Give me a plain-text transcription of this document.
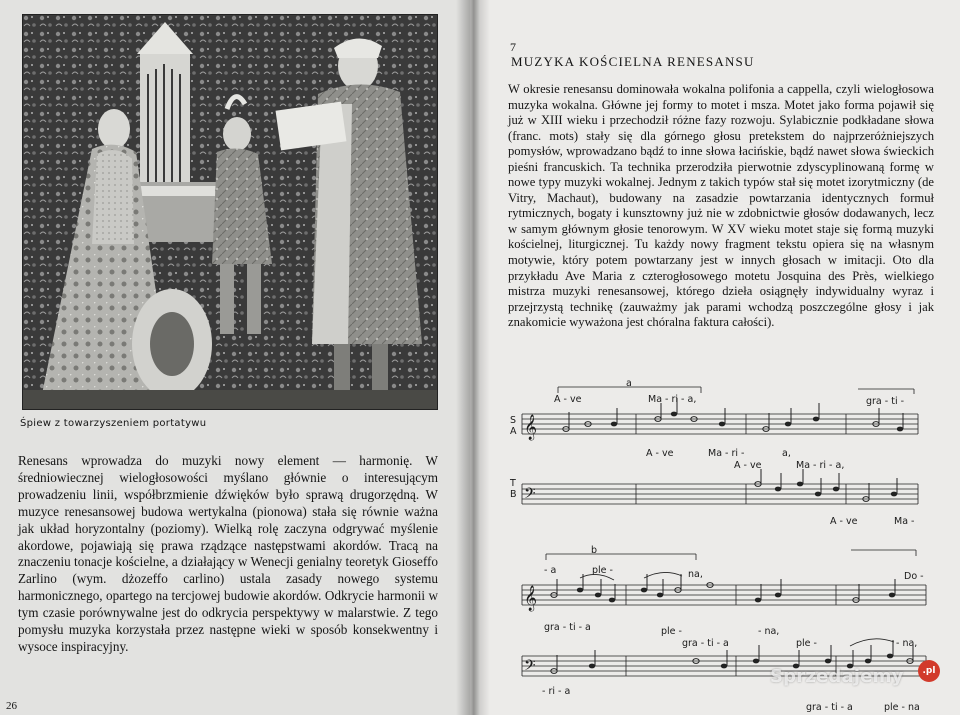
Śpiew z towarzyszeniem portatywu

Renesans wprowadza do muzyki nowy element — harmonię. W średniowiecznej wielogłosowości myślano głównie o interesującym prowadzeniu linii, współbrzmienie dźwięków było sprawą drugorzędną. W muzyce renesansowej budowa wertykalna (pionowa) stała się równie ważna jak układ horyzontalny (poziomy). Wielką rolę zaczyna odgrywać myślenie akordowe, pojawiają się prawa rządzące następstwami akordów. Tracą na znaczeniu tonacje kościelne, a działający w Wenecji genialny teoretyk Gioseffo Zarlino (wym. dżozeffo carlino) ustala zasady nowego systemu harmonicznego, opartego na tercjowej budowie akordów. Odkrycie harmonii w tym czasie porównywalne jest do odkrycia perspektywy w malarstwie. Z tego pomysłu muzyka korzystała przez następne wieki w sposób konsekwentny i wysoce inspiracyjny.

26
7
MUZYKA KOŚCIELNA RENESANSU

W okresie renesansu dominowała wokalna polifonia a cappella, czyli wielogłosowa muzyka wokalna. Główne jej formy to motet i msza. Motet jako forma pojawił się już w XIII wieku i przechodził różne fazy rozwoju. Sylabicznie podkładane słowa (franc. mots) stały się dla górnego głosu pretekstem do najprzeróżniejszych pomysłów, wprowadzano bądź to inne słowa łacińskie, bądź nawet słowa świeckich pieśni francuskich. Ta technika przerodziła pierwotnie zdyscyplinowaną formę w nowe typy muzyki wokalnej. Jednym z takich typów stał się motet izorytmiczny (de Vitry, Machaut), budowany na zasadzie powtarzania identycznych formuł rytmicznych, bogaty i kunsztowny już nie w zdobnictwie głosów dodawanych, lecz w samym głównym głosie tenorowym. W XV wieku motet staje się formą muzyki kościelnej, liturgicznej. Tu każdy nowy fragment tekstu opiera się na własnym motywie, który potem powtarzany jest w innych głosach w imitacji. Oto dla przykładu Ave Maria z czterogłosowego motetu Josquina des Près, wielkiego mistrza muzyki renesansowej, którego dzieła osiągnęły indywidualny wyraz i przejrzystą technikę (zauważmy jak parami wchodzą poszczególne głosy i jak znakomicie wyważona jest chóralna faktura całości).

a
A - ve	Ma - ri - a,	gra - ti -
S
A
T
B
𝄞
A - ve	Ma - ri -	a,
A - ve	Ma - ri - a,
𝄢
A - ve	Ma -
b
- a	ple -	na,	Do -
𝄞
gra - ti - a	ple -	- na,
gra - ti - a	ple -	- na,
𝄢
- ri - a
gra - ti - a	ple - na
Sprzedajemy	.pl
